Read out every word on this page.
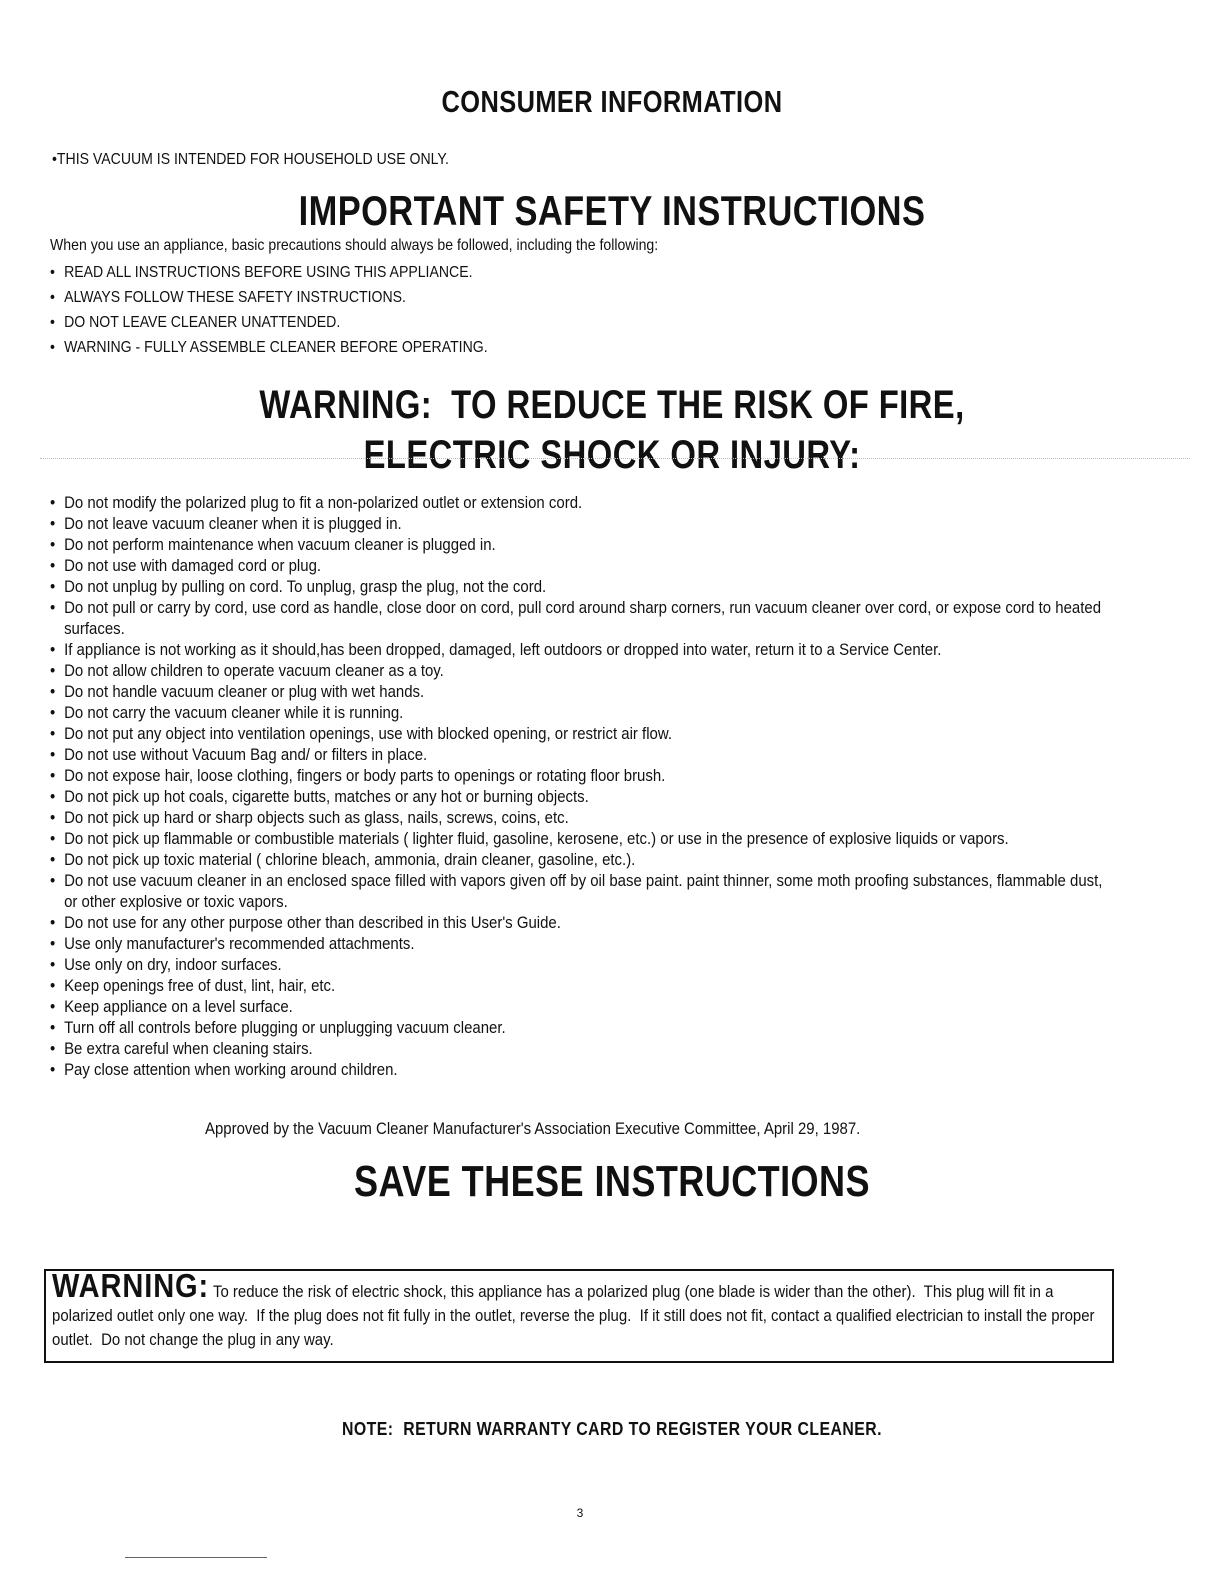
CONSUMER INFORMATION
•THIS VACUUM IS INTENDED FOR HOUSEHOLD USE ONLY.
IMPORTANT SAFETY INSTRUCTIONS
When you use an appliance, basic precautions should always be followed, including the following:
• READ ALL INSTRUCTIONS BEFORE USING THIS APPLIANCE.
• ALWAYS FOLLOW THESE SAFETY INSTRUCTIONS.
• DO NOT LEAVE CLEANER UNATTENDED.
• WARNING - FULLY ASSEMBLE CLEANER BEFORE OPERATING.
WARNING:  TO REDUCE THE RISK OF FIRE,
ELECTRIC SHOCK OR INJURY:
• Do not modify the polarized plug to fit a non-polarized outlet or extension cord.
• Do not leave vacuum cleaner when it is plugged in.
• Do not perform maintenance when vacuum cleaner is plugged in.
• Do not use with damaged cord or plug.
• Do not unplug by pulling on cord. To unplug, grasp the plug, not the cord.
• Do not pull or carry by cord, use cord as handle, close door on cord, pull cord around sharp corners, run vacuum cleaner over cord, or expose cord to heated surfaces.
• If appliance is not working as it should,has been dropped, damaged, left outdoors or dropped into water, return it to a Service Center.
• Do not allow children to operate vacuum cleaner as a toy.
• Do not handle vacuum cleaner or plug with wet hands.
• Do not carry the vacuum cleaner while it is running.
• Do not put any object into ventilation openings, use with blocked opening, or restrict air flow.
• Do not use without Vacuum Bag and/ or filters in place.
• Do not expose hair, loose clothing, fingers or body parts to openings or rotating floor brush.
• Do not pick up hot coals, cigarette butts, matches or any hot or burning objects.
• Do not pick up hard or sharp objects such as glass, nails, screws, coins, etc.
• Do not pick up flammable or combustible materials ( lighter fluid, gasoline, kerosene, etc.) or use in the presence of explosive liquids or vapors.
• Do not pick up toxic material ( chlorine bleach, ammonia, drain cleaner, gasoline, etc.).
• Do not use vacuum cleaner in an enclosed space filled with vapors given off by oil base paint. paint thinner, some moth proofing substances, flammable dust, or other explosive or toxic vapors.
• Do not use for any other purpose other than described in this User's Guide.
• Use only manufacturer's recommended attachments.
• Use only on dry, indoor surfaces.
• Keep openings free of dust, lint, hair, etc.
• Keep appliance on a level surface.
• Turn off all controls before plugging or unplugging vacuum cleaner.
• Be extra careful when cleaning stairs.
• Pay close attention when working around children.
Approved by the Vacuum Cleaner Manufacturer's Association Executive Committee, April 29, 1987.
SAVE THESE INSTRUCTIONS
WARNING: To reduce the risk of electric shock, this appliance has a polarized plug (one blade is wider than the other).  This plug will fit in a polarized outlet only one way.  If the plug does not fit fully in the outlet, reverse the plug.  If it still does not fit, contact a qualified electrician to install the proper outlet.  Do not change the plug in any way.
NOTE:  RETURN WARRANTY CARD TO REGISTER YOUR CLEANER.
3
